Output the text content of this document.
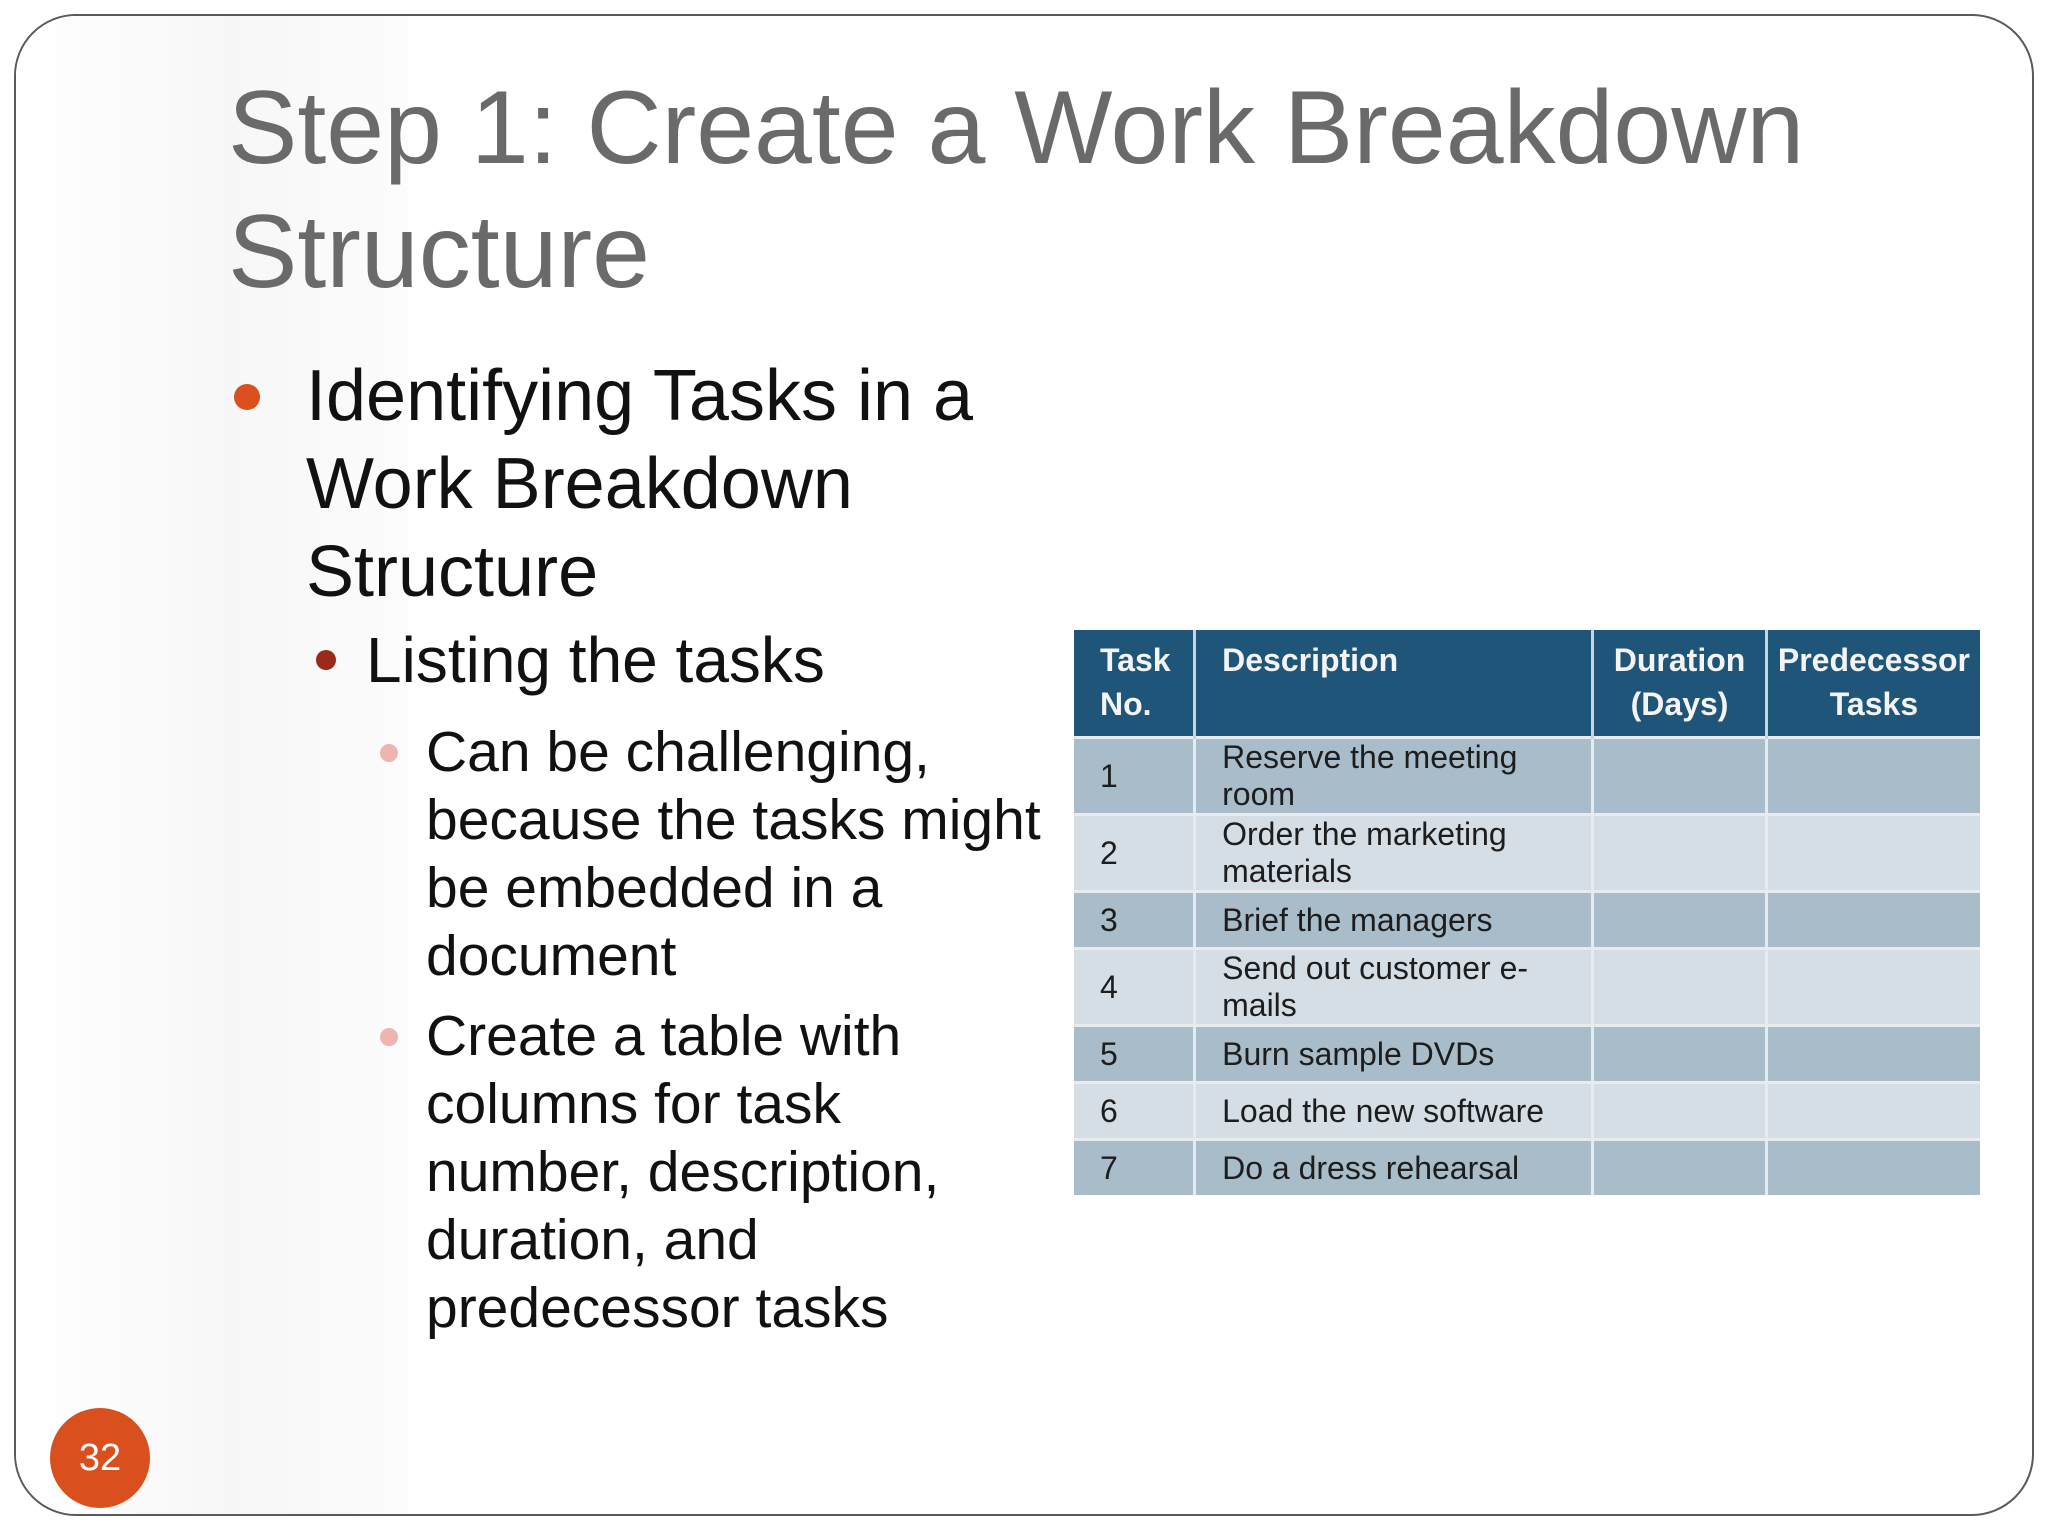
Step 1: Create a Work Breakdown
Structure
Identifying Tasks in a Work Breakdown Structure
Listing the tasks
Can be challenging, because the tasks might be embedded in a document
Create a table with columns for task number, description, duration, and predecessor tasks
Task No.	Description	Duration (Days)	Predecessor Tasks
1	Reserve the meeting room		
2	Order the marketing materials		
3	Brief the managers		
4	Send out customer e-mails		
5	Burn sample DVDs		
6	Load the new software		
7	Do a dress rehearsal		
32
